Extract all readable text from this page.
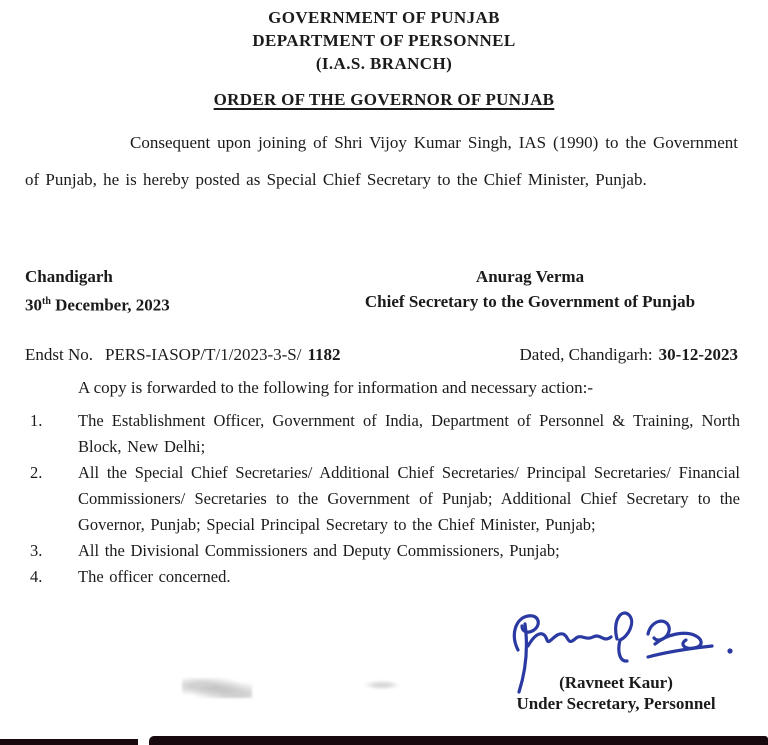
GOVERNMENT OF PUNJAB
DEPARTMENT OF PERSONNEL
(I.A.S. BRANCH)
ORDER OF THE GOVERNOR OF PUNJAB
Consequent upon joining of Shri Vijoy Kumar Singh, IAS (1990) to the Government of Punjab, he is hereby posted as Special Chief Secretary to the Chief Minister, Punjab.
Chandigarh
30th December, 2023
Anurag Verma
Chief Secretary to the Government of Punjab
Endst No. PERS-IASOP/T/1/2023-3-S/ 1182	Dated, Chandigarh: 30-12-2023
A copy is forwarded to the following for information and necessary action:-
1.	The Establishment Officer, Government of India, Department of Personnel & Training, North Block, New Delhi;
2.	All the Special Chief Secretaries/ Additional Chief Secretaries/ Principal Secretaries/ Financial Commissioners/ Secretaries to the Government of Punjab; Additional Chief Secretary to the Governor, Punjab; Special Principal Secretary to the Chief Minister, Punjab;
3.	All the Divisional Commissioners and Deputy Commissioners, Punjab;
4.	The officer concerned.
(Ravneet Kaur)
Under Secretary, Personnel
